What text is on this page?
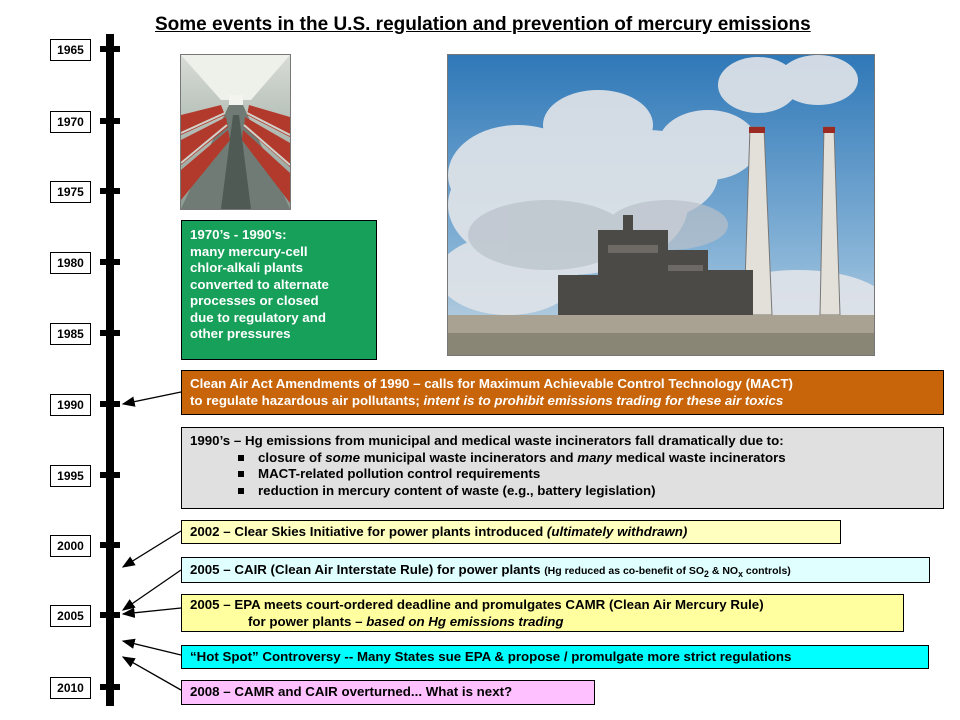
Some events in the U.S. regulation and prevention of mercury emissions
1965
1970
1975
1980
1985
1990
1995
2000
2005
2010
1970’s - 1990’s:
many mercury-cell
chlor-alkali plants
converted to alternate
processes or closed
due to regulatory and
other pressures
Clean Air Act Amendments of 1990 – calls for Maximum Achievable Control Technology (MACT)
to regulate hazardous air pollutants; intent is to prohibit emissions trading for these air toxics
1990’s – Hg emissions from municipal and medical waste incinerators fall dramatically due to:
closure of some municipal waste incinerators and many medical waste incinerators
MACT-related pollution control requirements
reduction in mercury content of waste (e.g., battery legislation)
2002 – Clear Skies Initiative for power plants introduced (ultimately withdrawn)
2005 – CAIR (Clean Air Interstate Rule) for power plants (Hg reduced as co-benefit of $SO_2$ & $NO_x$ controls)
2005 – EPA meets court-ordered deadline and promulgates CAMR (Clean Air Mercury Rule)
for power plants – based on Hg emissions trading
“Hot Spot” Controversy -- Many States sue EPA & propose / promulgate more strict regulations
2008 – CAMR and CAIR overturned... What is next?
